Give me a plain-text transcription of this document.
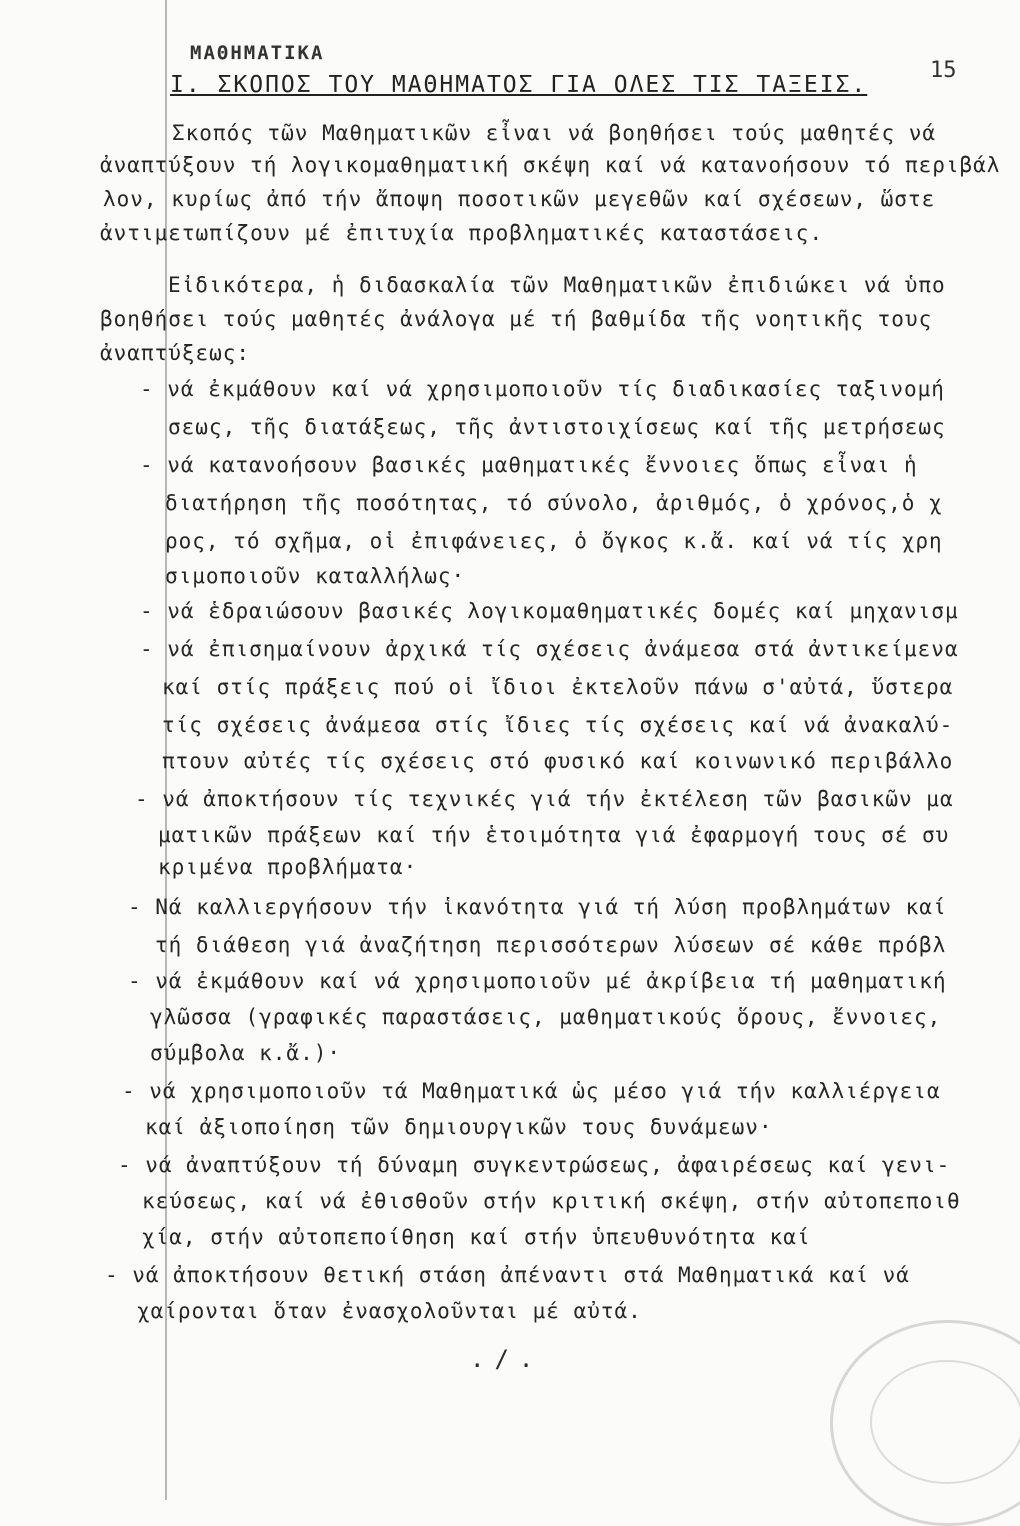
ΜΑΘΗΜΑΤΙΚΑ
Ι. ΣΚΟΠΟΣ ΤΟΥ ΜΑΘΗΜΑΤΟΣ ΓΙΑ ΟΛΕΣ ΤΙΣ ΤΑΞΕΙΣ.
15
Σκοπός τῶν Μαθηματικῶν εἶναι νά βοηθήσει τούς μαθητές νά
ἀναπτύξουν τή λογικομαθηματική σκέψη καί νά κατανοήσουν τό περιβάλ
λον, κυρίως ἀπό τήν ἄποψη ποσοτικῶν μεγεθῶν καί σχέσεων, ὥστε
ἀντιμετωπίζουν μέ ἐπιτυχία προβληματικές καταστάσεις.
Εἰδικότερα, ἡ διδασκαλία τῶν Μαθηματικῶν ἐπιδιώκει νά ὑπο
βοηθήσει τούς μαθητές ἀνάλογα μέ τή βαθμίδα τῆς νοητικῆς τους
ἀναπτύξεως:
- νά ἐκμάθουν καί νά χρησιμοποιοῦν τίς διαδικασίες ταξινομή
σεως, τῆς διατάξεως, τῆς ἀντιστοιχίσεως καί τῆς μετρήσεως
- νά κατανοήσουν βασικές μαθηματικές ἔννοιες ὅπως εἶναι ἡ
διατήρηση τῆς ποσότητας, τό σύνολο, ἀριθμός, ὁ χρόνος,ὁ χ
ρος, τό σχῆμα, οἱ ἐπιφάνειες, ὁ ὄγκος κ.ἄ. καί νά τίς χρη
σιμοποιοῦν καταλλήλως·
- νά ἑδραιώσουν βασικές λογικομαθηματικές δομές καί μηχανισμ
- νά ἐπισημαίνουν ἀρχικά τίς σχέσεις ἀνάμεσα στά ἀντικείμενα
καί στίς πράξεις πού οἱ ἴδιοι ἐκτελοῦν πάνω σ'αὐτά, ὕστερα
τίς σχέσεις ἀνάμεσα στίς ἴδιες τίς σχέσεις καί νά ἀνακαλύ-
πτουν αὐτές τίς σχέσεις στό φυσικό καί κοινωνικό περιβάλλο
- νά ἀποκτήσουν τίς τεχνικές γιά τήν ἐκτέλεση τῶν βασικῶν μα
ματικῶν πράξεων καί τήν ἑτοιμότητα γιά ἐφαρμογή τους σέ συ
κριμένα προβλήματα·
- Νά καλλιεργήσουν τήν ἱκανότητα γιά τή λύση προβλημάτων καί
τή διάθεση γιά ἀναζήτηση περισσότερων λύσεων σέ κάθε πρόβλ
- νά ἐκμάθουν καί νά χρησιμοποιοῦν μέ ἀκρίβεια τή μαθηματική
γλῶσσα (γραφικές παραστάσεις, μαθηματικούς ὅρους, ἔννοιες,
σύμβολα κ.ἄ.)·
- νά χρησιμοποιοῦν τά Μαθηματικά ὡς μέσο γιά τήν καλλιέργεια
καί ἀξιοποίηση τῶν δημιουργικῶν τους δυνάμεων·
- νά ἀναπτύξουν τή δύναμη συγκεντρώσεως, ἀφαιρέσεως καί γενι-
κεύσεως, καί νά ἐθισθοῦν στήν κριτική σκέψη, στήν αὐτοπεποιθ
χία, στήν αὐτοπεποίθηση καί στήν ὑπευθυνότητα καί
- νά ἀποκτήσουν θετική στάση ἀπέναντι στά Μαθηματικά καί νά
χαίρονται ὅταν ἐνασχολοῦνται μέ αὐτά.
./.
